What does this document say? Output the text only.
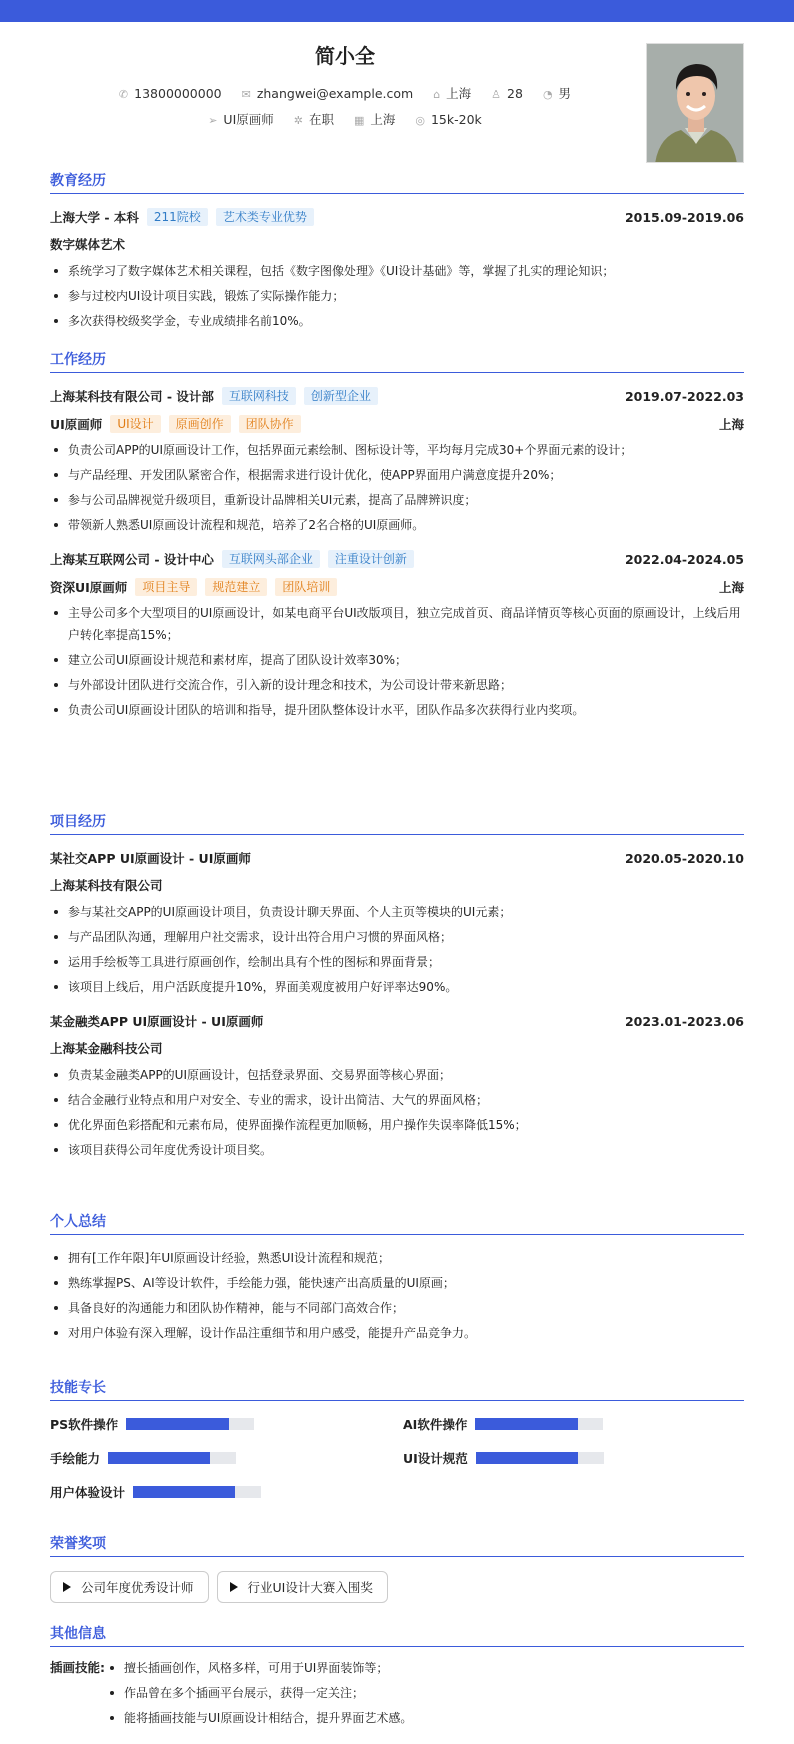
简小全
✆ 13800000000 ✉ zhangwei@example.com ⌂ 上海 ♙ 28 ◔ 男
➢ UI原画师 ✲ 在职 ▦ 上海 ◎ 15k-20k
教育经历
上海大学 - 本科	211院校	艺术类专业优势	2015.09-2019.06
数字媒体艺术
系统学习了数字媒体艺术相关课程，包括《数字图像处理》《UI设计基础》等，掌握了扎实的理论知识；
参与过校内UI设计项目实践，锻炼了实际操作能力；
多次获得校级奖学金，专业成绩排名前10%。
工作经历
上海某科技有限公司 - 设计部	互联网科技	创新型企业	2019.07-2022.03
UI原画师	UI设计	原画创作	团队协作	上海
负责公司APP的UI原画设计工作，包括界面元素绘制、图标设计等，平均每月完成30+个界面元素的设计；
与产品经理、开发团队紧密合作，根据需求进行设计优化，使APP界面用户满意度提升20%；
参与公司品牌视觉升级项目，重新设计品牌相关UI元素，提高了品牌辨识度；
带领新人熟悉UI原画设计流程和规范，培养了2名合格的UI原画师。
上海某互联网公司 - 设计中心	互联网头部企业	注重设计创新	2022.04-2024.05
资深UI原画师	项目主导	规范建立	团队培训	上海
主导公司多个大型项目的UI原画设计，如某电商平台UI改版项目，独立完成首页、商品详情页等核心页面的原画设计，上线后用户转化率提高15%；
建立公司UI原画设计规范和素材库，提高了团队设计效率30%；
与外部设计团队进行交流合作，引入新的设计理念和技术，为公司设计带来新思路；
负责公司UI原画设计团队的培训和指导，提升团队整体设计水平，团队作品多次获得行业内奖项。
项目经历
某社交APP UI原画设计 - UI原画师	2020.05-2020.10
上海某科技有限公司
参与某社交APP的UI原画设计项目，负责设计聊天界面、个人主页等模块的UI元素；
与产品团队沟通，理解用户社交需求，设计出符合用户习惯的界面风格；
运用手绘板等工具进行原画创作，绘制出具有个性的图标和界面背景；
该项目上线后，用户活跃度提升10%，界面美观度被用户好评率达90%。
某金融类APP UI原画设计 - UI原画师	2023.01-2023.06
上海某金融科技公司
负责某金融类APP的UI原画设计，包括登录界面、交易界面等核心界面；
结合金融行业特点和用户对安全、专业的需求，设计出简洁、大气的界面风格；
优化界面色彩搭配和元素布局，使界面操作流程更加顺畅，用户操作失误率降低15%；
该项目获得公司年度优秀设计项目奖。
个人总结
拥有[工作年限]年UI原画设计经验，熟悉UI设计流程和规范；
熟练掌握PS、AI等设计软件，手绘能力强，能快速产出高质量的UI原画；
具备良好的沟通能力和团队协作精神，能与不同部门高效合作；
对用户体验有深入理解，设计作品注重细节和用户感受，能提升产品竞争力。
技能专长
PS软件操作	AI软件操作
手绘能力	UI设计规范
用户体验设计
荣誉奖项
公司年度优秀设计师	行业UI设计大赛入围奖
其他信息
插画技能:	擅长插画创作，风格多样，可用于UI界面装饰等；
作品曾在多个插画平台展示，获得一定关注；
能将插画技能与UI原画设计相结合，提升界面艺术感。
